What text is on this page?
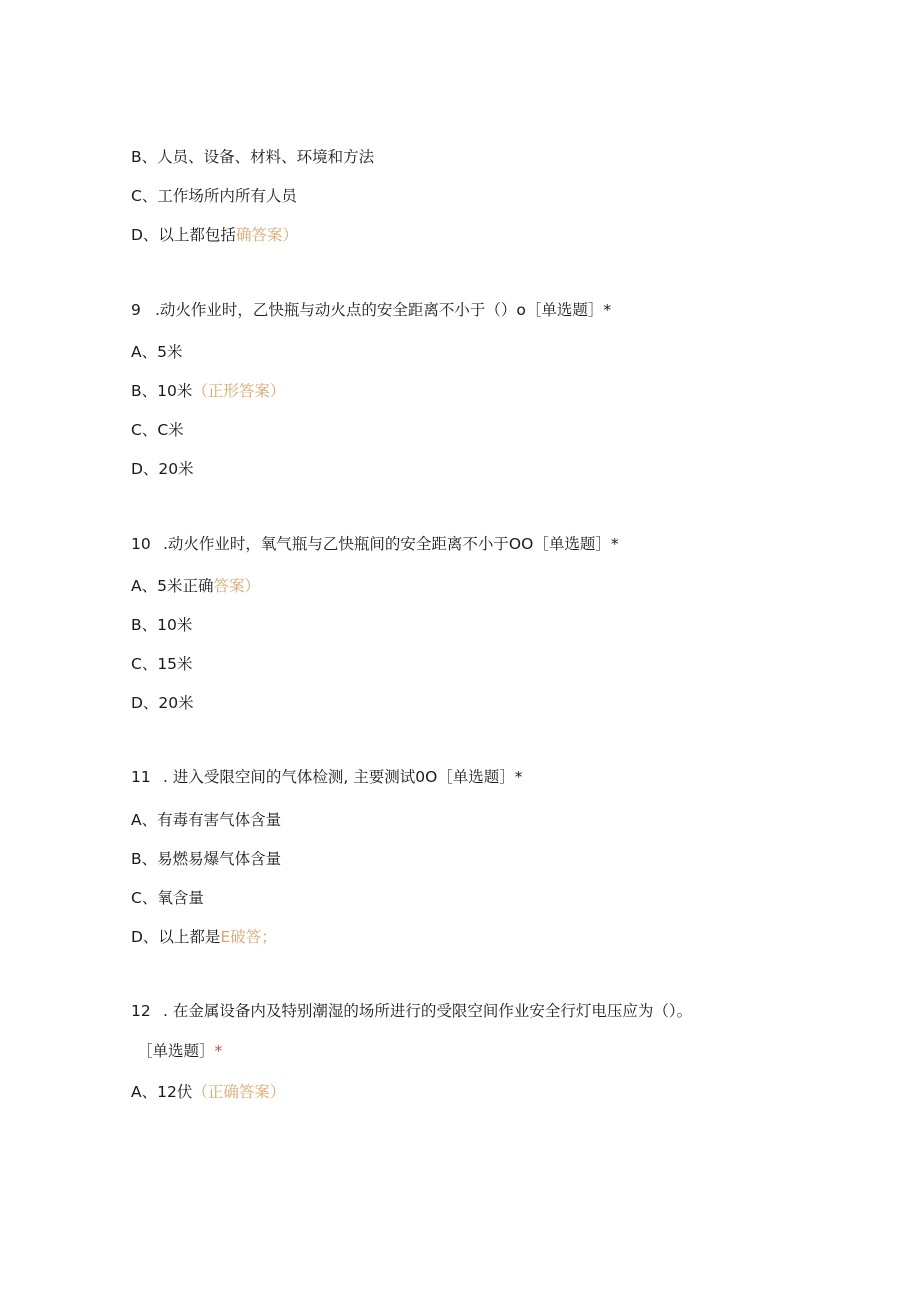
B、人员、设备、材料、环境和方法
C、工作场所内所有人员
D、以上都包括确答案）
9 .动火作业时，乙快瓶与动火点的安全距离不小于（）o［单选题］*
A、5米
B、10米（正形答案）
C、C米
D、20米
10 .动火作业时，氧气瓶与乙快瓶间的安全距离不小于OO［单选题］*
A、5米正确答案）
B、10米
C、15米
D、20米
11 . 进入受限空间的气体检测, 主要测试0O［单选题］*
A、有毒有害气体含量
B、易燃易爆气体含量
C、氧含量
D、以上都是E破答；
12 . 在金属设备内及特别潮湿的场所进行的受限空间作业安全行灯电压应为（）。
［单选题］*
A、12伏（正确答案）
